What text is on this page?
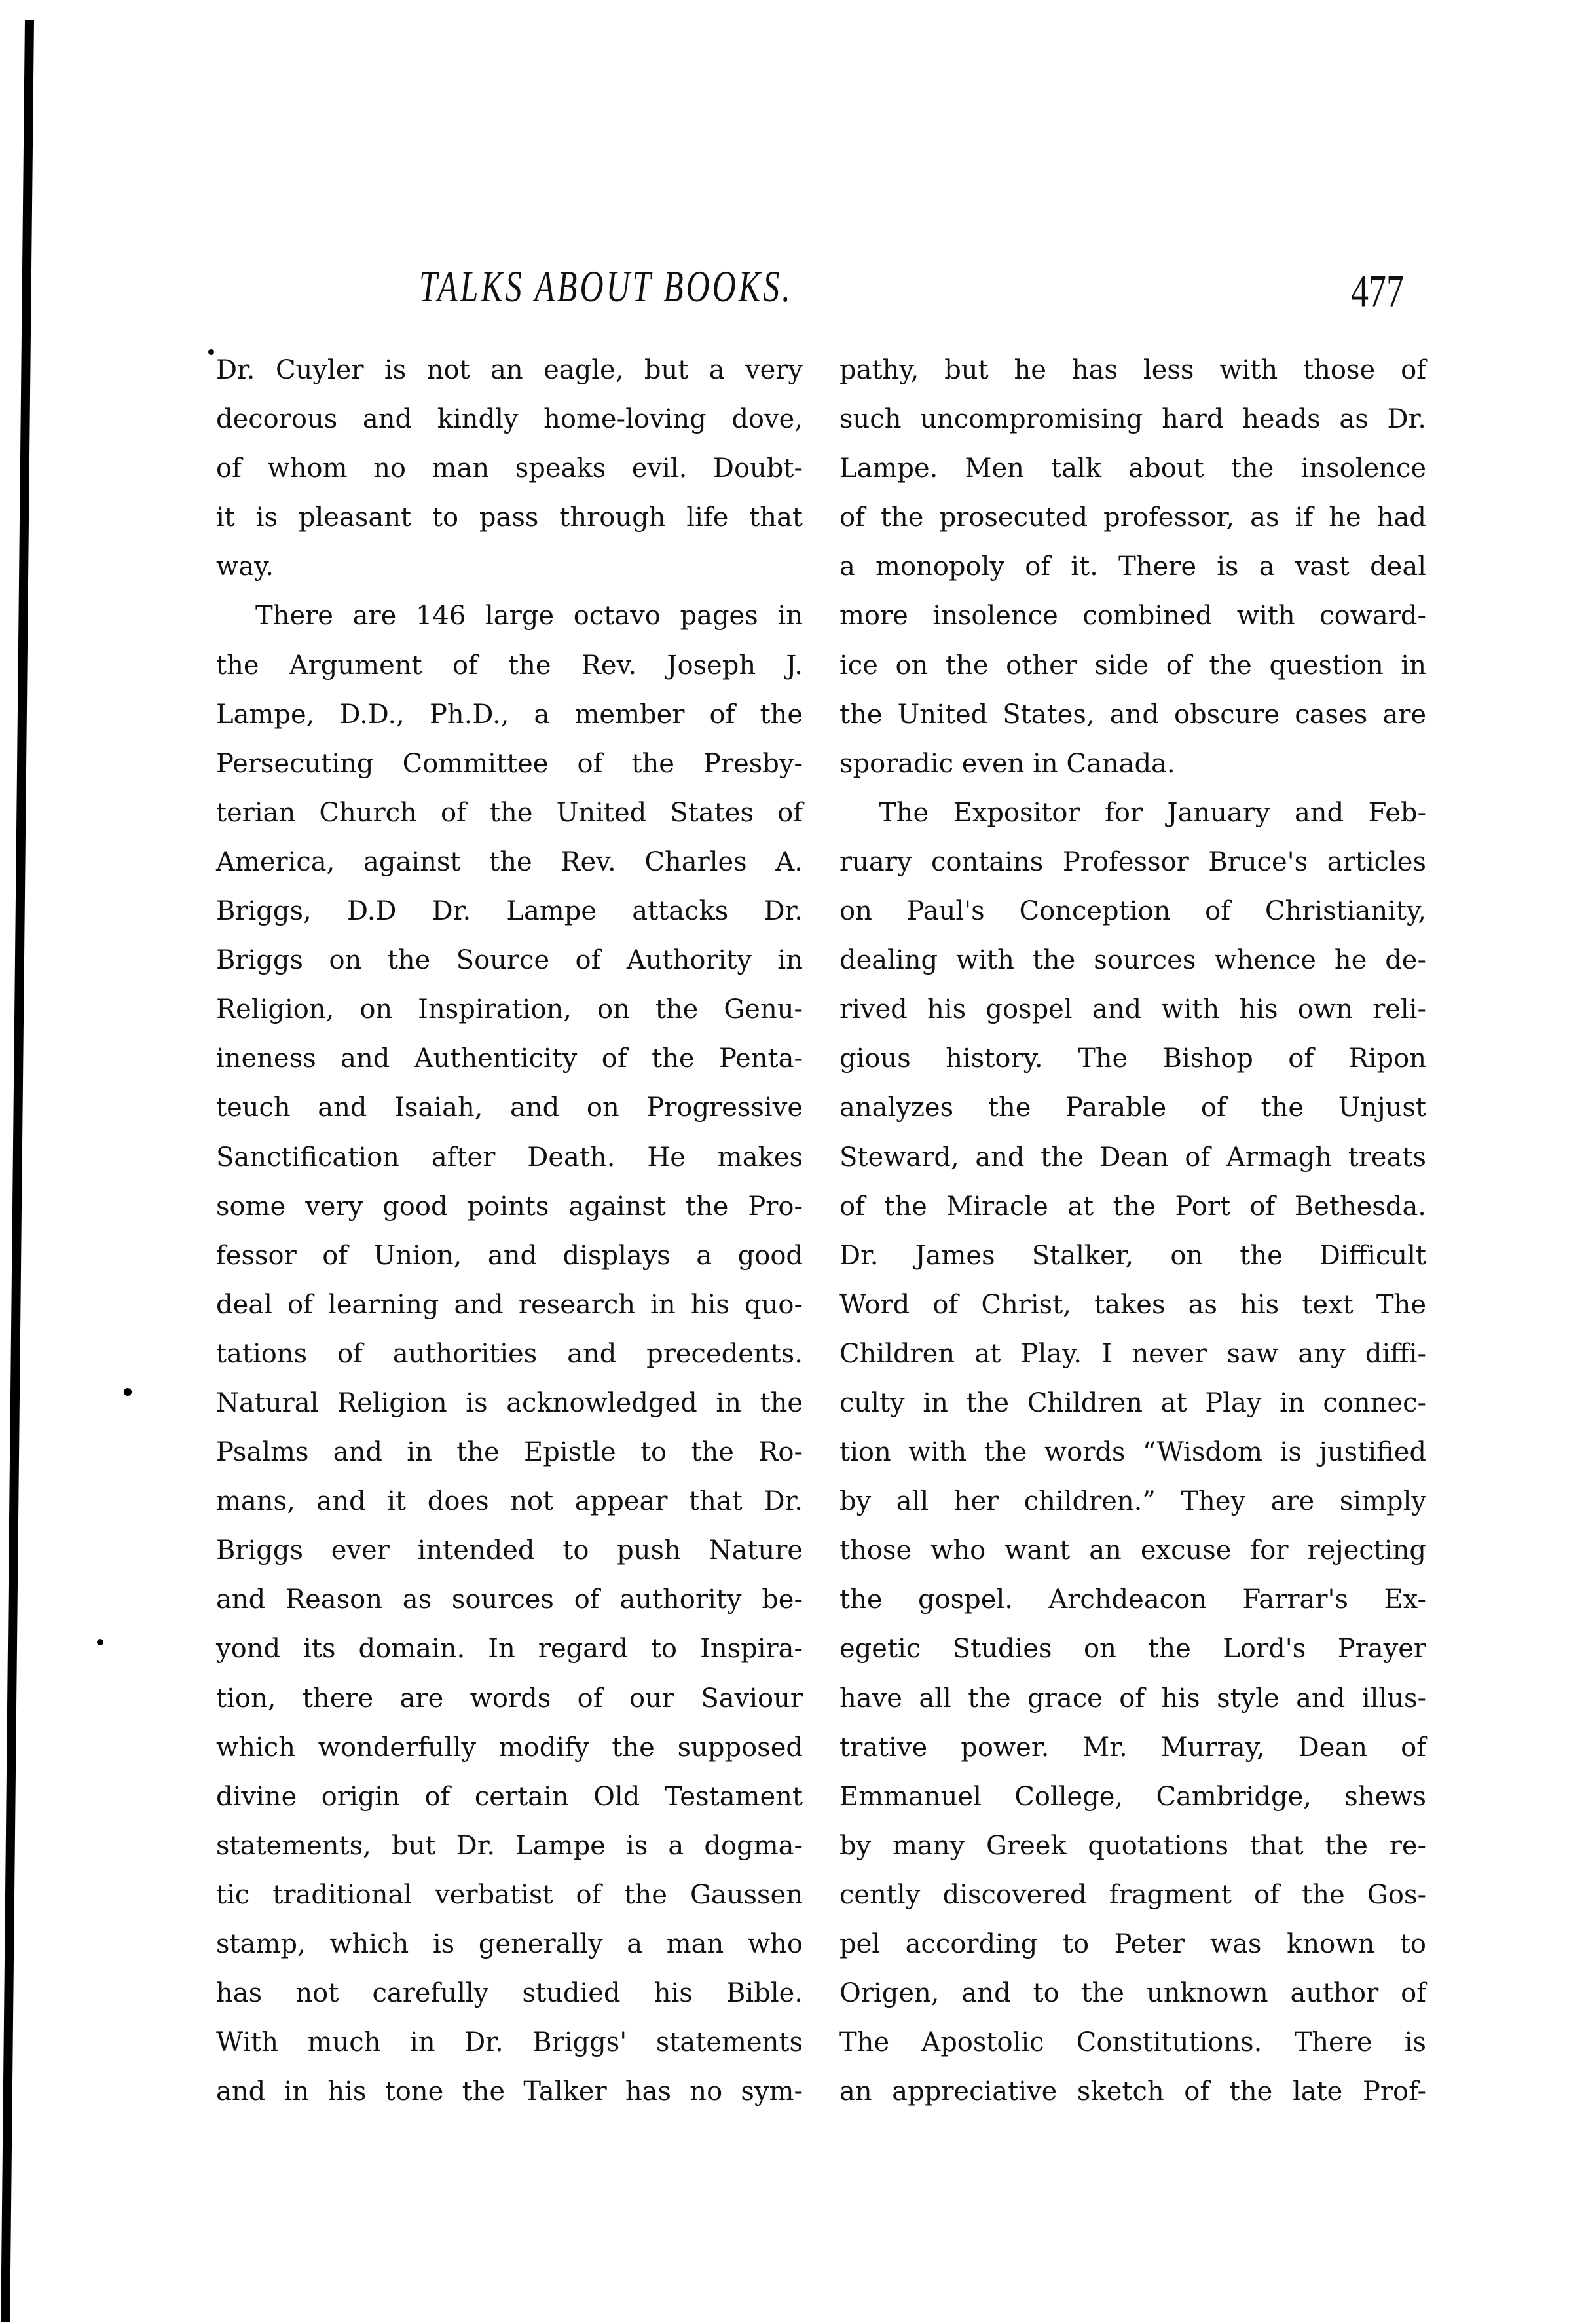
TALKS ABOUT BOOKS.	477
Dr. Cuyler is not an eagle, but a very
decorous and kindly home-loving dove,
of whom no man speaks evil. Doubt-
it is pleasant to pass through life that
way.
There are 146 large octavo pages in
the Argument of the Rev. Joseph J.
Lampe, D.D., Ph.D., a member of the
Persecuting Committee of the Presby-
terian Church of the United States of
America, against the Rev. Charles A.
Briggs, D.D Dr. Lampe attacks Dr.
Briggs on the Source of Authority in
Religion, on Inspiration, on the Genu-
ineness and Authenticity of the Penta-
teuch and Isaiah, and on Progressive
Sanctification after Death. He makes
some very good points against the Pro-
fessor of Union, and displays a good
deal of learning and research in his quo-
tations of authorities and precedents.
Natural Religion is acknowledged in the
Psalms and in the Epistle to the Ro-
mans, and it does not appear that Dr.
Briggs ever intended to push Nature
and Reason as sources of authority be-
yond its domain. In regard to Inspira-
tion, there are words of our Saviour
which wonderfully modify the supposed
divine origin of certain Old Testament
statements, but Dr. Lampe is a dogma-
tic traditional verbatist of the Gaussen
stamp, which is generally a man who
has not carefully studied his Bible.
With much in Dr. Briggs' statements
and in his tone the Talker has no sym-
pathy, but he has less with those of
such uncompromising hard heads as Dr.
Lampe. Men talk about the insolence
of the prosecuted professor, as if he had
a monopoly of it. There is a vast deal
more insolence combined with coward-
ice on the other side of the question in
the United States, and obscure cases are
sporadic even in Canada.
The Expositor for January and Feb-
ruary contains Professor Bruce's articles
on Paul's Conception of Christianity,
dealing with the sources whence he de-
rived his gospel and with his own reli-
gious history. The Bishop of Ripon
analyzes the Parable of the Unjust
Steward, and the Dean of Armagh treats
of the Miracle at the Port of Bethesda.
Dr. James Stalker, on the Difficult
Word of Christ, takes as his text The
Children at Play. I never saw any diffi-
culty in the Children at Play in connec-
tion with the words “Wisdom is justified
by all her children.” They are simply
those who want an excuse for rejecting
the gospel. Archdeacon Farrar's Ex-
egetic Studies on the Lord's Prayer
have all the grace of his style and illus-
trative power. Mr. Murray, Dean of
Emmanuel College, Cambridge, shews
by many Greek quotations that the re-
cently discovered fragment of the Gos-
pel according to Peter was known to
Origen, and to the unknown author of
The Apostolic Constitutions. There is
an appreciative sketch of the late Prof-
